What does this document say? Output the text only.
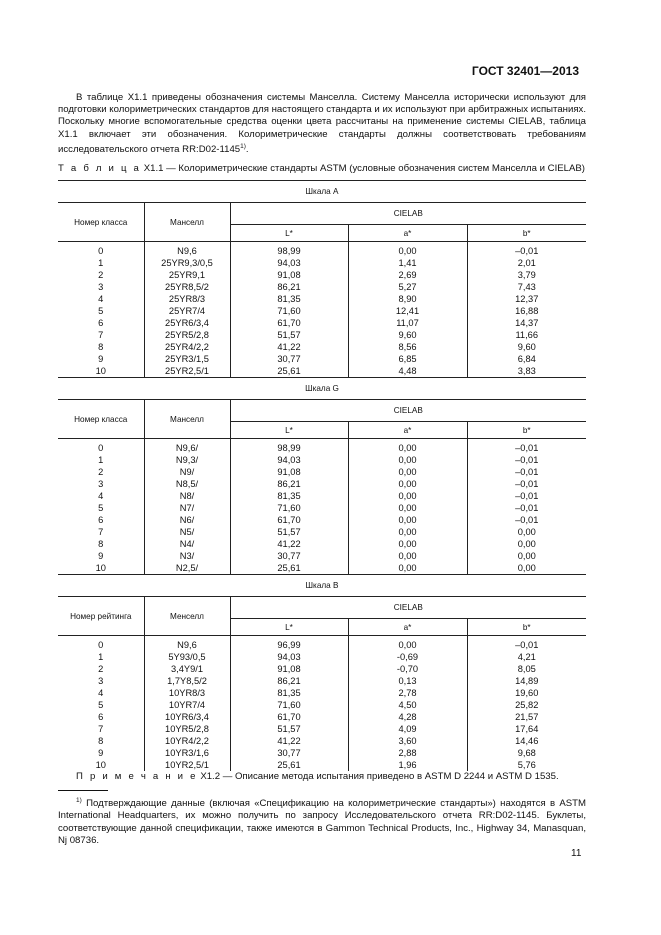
ГОСТ 32401—2013

В таблице Х1.1 приведены обозначения системы Манселла. Систему Манселла исторически используют для подготовки колориметрических стандартов для настоящего стандарта и их используют при арбитражных испытаниях. Поскольку многие вспомогательные средства оценки цвета рассчитаны на применение системы CIELAB, таблица Х1.1 включает эти обозначения. Колориметрические стандарты должны соответствовать требованиям исследовательского отчета RR:D02-1145$^{1)}$.

Т а б л и ц а Х1.1 — Колориметрические стандарты ASTM (условные обозначения систем Манселла и CIELAB)
Шкала А				
Номер класса	Манселл	CIELAB		
		L*	a*	b*
0	N9,6	98,99	0,00	–0,01
1	25YR9,3/0,5	94,03	1,41	2,01
2	25YR9,1	91,08	2,69	3,79
3	25YR8,5/2	86,21	5,27	7,43
4	25YR8/3	81,35	8,90	12,37
5	25YR7/4	71,60	12,41	16,88
6	25YR6/3,4	61,70	11,07	14,37
7	25YR5/2,8	51,57	9,60	11,66
8	25YR4/2,2	41,22	8,56	9,60
9	25YR3/1,5	30,77	6,85	6,84
10	25YR2,5/1	25,61	4,48	3,83
Шкала G				
Номер класса	Манселл	CIELAB		
		L*	a*	b*
0	N9,6/	98,99	0,00	–0,01
1	N9,3/	94,03	0,00	–0,01
2	N9/	91,08	0,00	–0,01
3	N8,5/	86,21	0,00	–0,01
4	N8/	81,35	0,00	–0,01
5	N7/	71,60	0,00	–0,01
6	N6/	61,70	0,00	–0,01
7	N5/	51,57	0,00	0,00
8	N4/	41,22	0,00	0,00
9	N3/	30,77	0,00	0,00
10	N2,5/	25,61	0,00	0,00
Шкала В				
Номер рейтинга	Менселл	CIELAB		
		L*	a*	b*
0	N9,6	96,99	0,00	–0,01
1	5Y93/0,5	94,03	-0,69	4,21
2	3,4Y9/1	91,08	-0,70	8,05
3	1,7Y8,5/2	86,21	0,13	14,89
4	10YR8/3	81,35	2,78	19,60
5	10YR7/4	71,60	4,50	25,82
6	10YR6/3,4	61,70	4,28	21,57
7	10YR5/2,8	51,57	4,09	17,64
8	10YR4/2,2	41,22	3,60	14,46
9	10YR3/1,6	30,77	2,88	9,68
10	10YR2,5/1	25,61	1,96	5,76
П р и м е ч а н и е Х1.2 — Описание метода испытания приведено в ASTM D 2244 и ASTM D 1535.

$^{1)}$ Подтверждающие данные (включая «Спецификацию на колориметрические стандарты») находятся в ASTM International Headquarters, их можно получить по запросу Исследовательского отчета RR:D02-1145. Буклеты, соответствующие данной спецификации, также имеются в Gammon Technical Products, Inc., Highway 34, Manasquan, Nj 08736.

11
